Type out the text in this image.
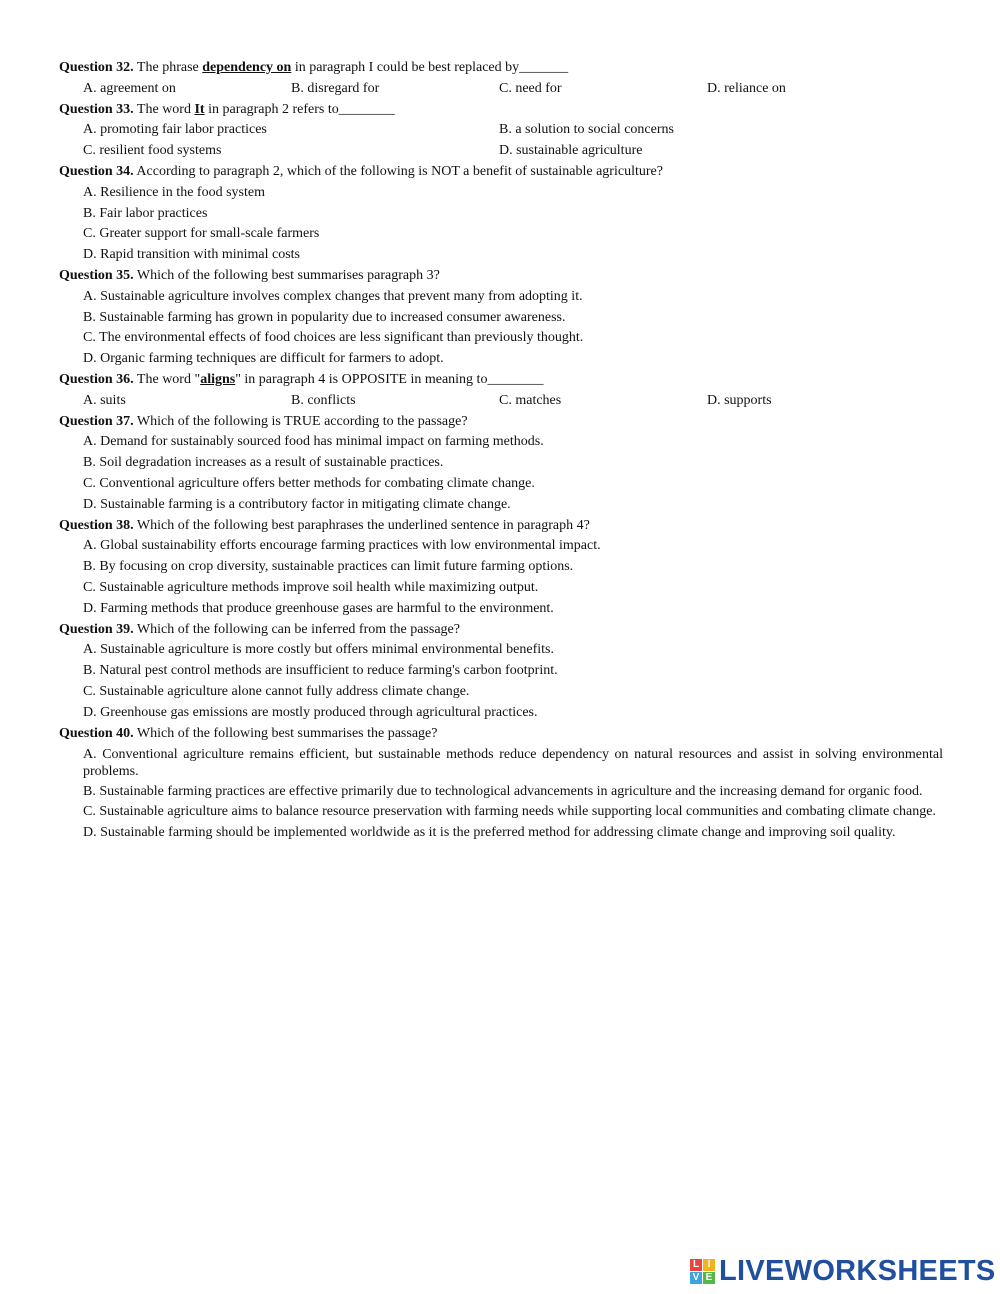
Question 32. The phrase dependency on in paragraph I could be best replaced by_______
A. agreement on	B. disregard for	C. need for	D. reliance on
Question 33. The word It in paragraph 2 refers to________
A. promoting fair labor practices	B. a solution to social concerns
C. resilient food systems	D. sustainable agriculture
Question 34. According to paragraph 2, which of the following is NOT a benefit of sustainable agriculture?
A. Resilience in the food system
B. Fair labor practices
C. Greater support for small-scale farmers
D. Rapid transition with minimal costs
Question 35. Which of the following best summarises paragraph 3?
A. Sustainable agriculture involves complex changes that prevent many from adopting it.
B. Sustainable farming has grown in popularity due to increased consumer awareness.
C. The environmental effects of food choices are less significant than previously thought.
D. Organic farming techniques are difficult for farmers to adopt.
Question 36. The word "aligns" in paragraph 4 is OPPOSITE in meaning to________
A. suits	B. conflicts	C. matches	D. supports
Question 37. Which of the following is TRUE according to the passage?
A. Demand for sustainably sourced food has minimal impact on farming methods.
B. Soil degradation increases as a result of sustainable practices.
C. Conventional agriculture offers better methods for combating climate change.
D. Sustainable farming is a contributory factor in mitigating climate change.
Question 38. Which of the following best paraphrases the underlined sentence in paragraph 4?
A. Global sustainability efforts encourage farming practices with low environmental impact.
B. By focusing on crop diversity, sustainable practices can limit future farming options.
C. Sustainable agriculture methods improve soil health while maximizing output.
D. Farming methods that produce greenhouse gases are harmful to the environment.
Question 39. Which of the following can be inferred from the passage?
A. Sustainable agriculture is more costly but offers minimal environmental benefits.
B. Natural pest control methods are insufficient to reduce farming's carbon footprint.
C. Sustainable agriculture alone cannot fully address climate change.
D. Greenhouse gas emissions are mostly produced through agricultural practices.
Question 40. Which of the following best summarises the passage?
A. Conventional agriculture remains efficient, but sustainable methods reduce dependency on natural resources and assist in solving environmental problems.
B. Sustainable farming practices are effective primarily due to technological advancements in agriculture and the increasing demand for organic food.
C. Sustainable agriculture aims to balance resource preservation with farming needs while supporting local communities and combating climate change.
D. Sustainable farming should be implemented worldwide as it is the preferred method for addressing climate change and improving soil quality.
L I
V E LIVEWORKSHEETS
